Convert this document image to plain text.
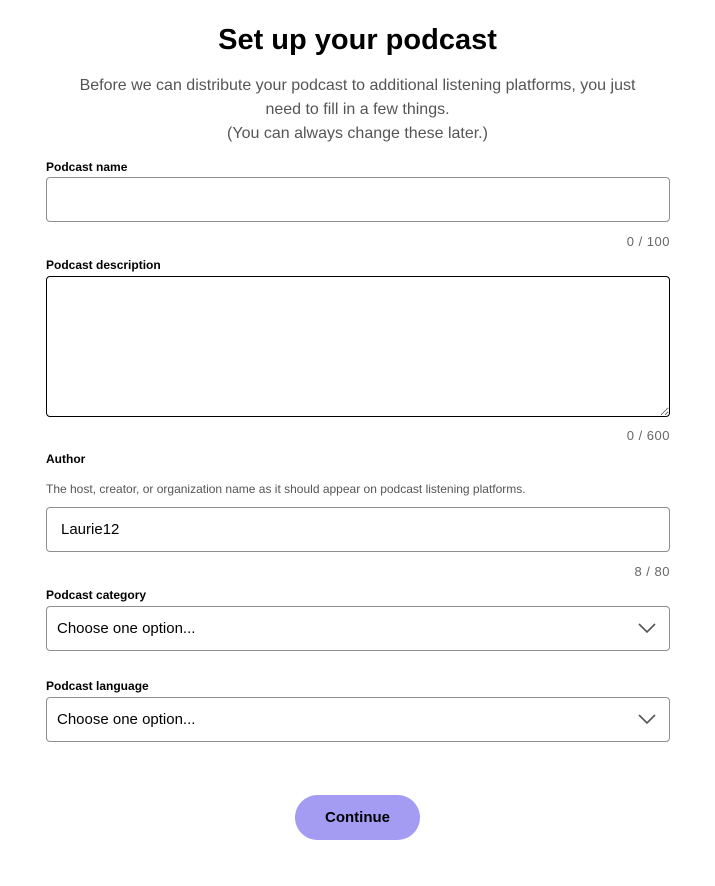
Set up your podcast
Before we can distribute your podcast to additional listening platforms, you just
need to fill in a few things.
(You can always change these later.)
Podcast name
0 / 100
Podcast description
0 / 600
Author
The host, creator, or organization name as it should appear on podcast listening platforms.
Laurie12
8 / 80
Podcast category
Choose one option...
Podcast language
Choose one option...
Continue
